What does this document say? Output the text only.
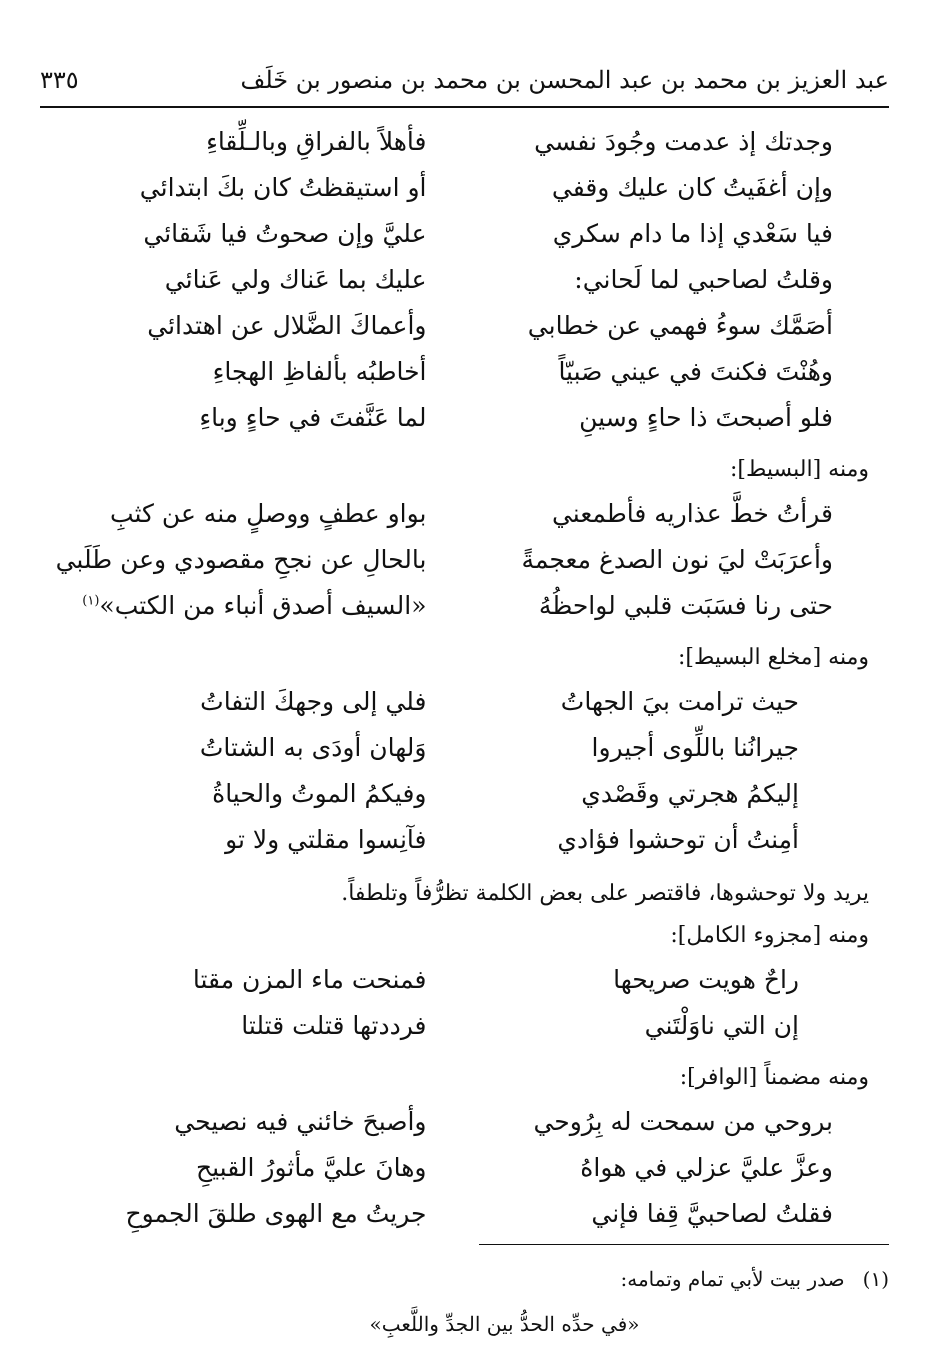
عبد العزيز بن محمد بن عبد المحسن بن محمد بن منصور بن خَلَف
٣٣٥
وجدتك إذ عدمت وجُودَ نفسي
فأهلاً بالفراقِ وبالـلِّقاءِ
وإن أغفَيتُ كان عليك وقفي
أو استيقظتُ كان بكَ ابتدائي
فيا سَعْدي إذا ما دام سكري
عليَّ وإن صحوتُ فيا شَقائي
وقلتُ لصاحبي لما لَحاني:
عليك بما عَناك ولي عَنائي
أصَمَّك سوءُ فهمي عن خطابي
وأعماكَ الضَّلال عن اهتدائي
وهُنْتَ فكنتَ في عيني صَبيّاً
أخاطبُه بألفاظِ الهجاءِ
فلو أصبحتَ ذا حاءٍ وسينِ
لما عَنَّفتَ في حاءٍ وباءِ
ومنه [البسيط]:
قرأتُ خطَّ عذاريه فأطمعني
بواو عطفٍ ووصلٍ منه عن كثبِ
وأعرَبَتْ ليَ نون الصدغ معجمةً
بالحالِ عن نجحِ مقصودي وعن طَلَبي
حتى رنا فسَبَت قلبي لواحظُهُ
«السيف أصدق أنباء من الكتب»$^{(١)}$
ومنه [مخلع البسيط]:
حيث ترامت بيَ الجهاتُ
فلي إلى وجهكَ التفاتُ
جيرانُنا باللِّوى أجيروا
وَلهان أودَى به الشتاتُ
إليكمُ هجرتي وقَصْدي
وفيكمُ الموتُ والحياةُ
أمِنتُ أن توحشوا فؤادي
فآنِسوا مقلتي ولا تو
يريد ولا توحشوها، فاقتصر على بعض الكلمة تظرُّفاً وتلطفاً.
ومنه [مجزوء الكامل]:
راحٌ هويت صريحها
فمنحت ماء المزن مقتا
إن التي ناوَلْتَني
فرددتها قتلت قتلتا
ومنه مضمناً [الوافر]:
بروحي من سمحت له بِرُوحي
وأصبحَ خائني فيه نصيحي
وعزَّ عليَّ عزلي في هواهُ
وهانَ عليَّ مأثورُ القبيحِ
فقلتُ لصاحبيَّ قِفا فإني
جريتُ مع الهوى طلقَ الجموحِ
(١)
صدر بيت لأبي تمام وتمامه:
«في حدِّه الحدُّ بين الجدِّ واللَّعبِ»
